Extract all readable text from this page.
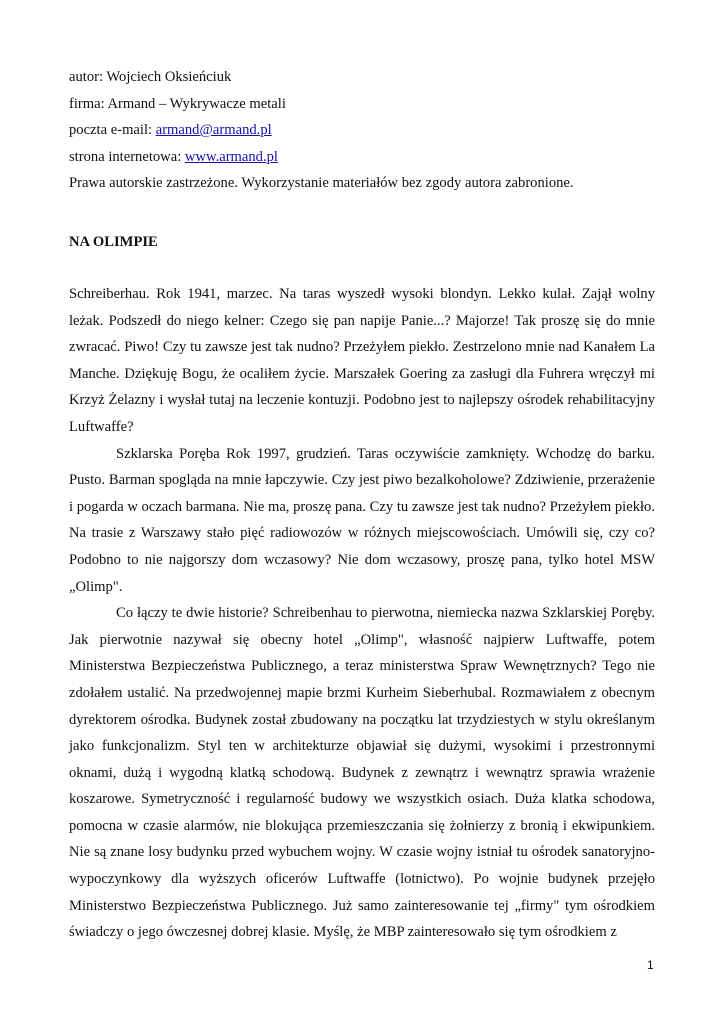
autor: Wojciech Oksieńciuk

firma: Armand – Wykrywacze metali

poczta e-mail: armand@armand.pl

strona internetowa: www.armand.pl

Prawa autorskie zastrzeżone. Wykorzystanie materiałów bez zgody autora zabronione.

NA OLIMPIE

Schreiberhau. Rok 1941, marzec. Na taras wyszedł wysoki blondyn. Lekko kulał. Zajął wolny leżak. Podszedł do niego kelner: Czego się pan napije Panie...? Majorze! Tak proszę się do mnie zwracać. Piwo! Czy tu zawsze jest tak nudno? Przeżyłem piekło. Zestrzelono mnie nad Kanałem La Manche. Dziękuję Bogu, że ocaliłem życie. Marszałek Goering za zasługi dla Fuhrera wręczył mi Krzyż Żelazny i wysłał tutaj na leczenie kontuzji. Podobno jest to najlepszy ośrodek rehabilitacyjny Luftwaffe?

Szklarska Poręba Rok 1997, grudzień. Taras oczywiście zamknięty. Wchodzę do barku. Pusto. Barman spogląda na mnie łapczywie. Czy jest piwo bezalkoholowe? Zdziwienie, przerażenie i pogarda w oczach barmana. Nie ma, proszę pana. Czy tu zawsze jest tak nudno? Przeżyłem piekło. Na trasie z Warszawy stało pięć radiowozów w różnych miejscowościach. Umówili się, czy co? Podobno to nie najgorszy dom wczasowy? Nie dom wczasowy, proszę pana, tylko hotel MSW „Olimp".

Co łączy te dwie historie? Schreibenhau to pierwotna, niemiecka nazwa Szklarskiej Poręby. Jak pierwotnie nazywał się obecny hotel „Olimp", własność najpierw Luftwaffe, potem Ministerstwa Bezpieczeństwa Publicznego, a teraz ministerstwa Spraw Wewnętrznych? Tego nie zdołałem ustalić. Na przedwojennej mapie brzmi Kurheim Sieberhubal. Rozmawiałem z obecnym dyrektorem ośrodka. Budynek został zbudowany na początku lat trzydziestych w stylu określanym jako funkcjonalizm. Styl ten w architekturze objawiał się dużymi, wysokimi i przestronnymi oknami, dużą i wygodną klatką schodową. Budynek z zewnątrz i wewnątrz sprawia wrażenie koszarowe. Symetryczność i regularność budowy we wszystkich osiach. Duża klatka schodowa, pomocna w czasie alarmów, nie blokująca przemieszczania się żołnierzy z bronią i ekwipunkiem. Nie są znane losy budynku przed wybuchem wojny. W czasie wojny istniał tu ośrodek sanatoryjno-wypoczynkowy dla wyższych oficerów Luftwaffe (lotnictwo). Po wojnie budynek przejęło Ministerstwo Bezpieczeństwa Publicznego. Już samo zainteresowanie tej „firmy" tym ośrodkiem świadczy o jego ówczesnej dobrej klasie. Myślę, że MBP zainteresowało się tym ośrodkiem z

1
